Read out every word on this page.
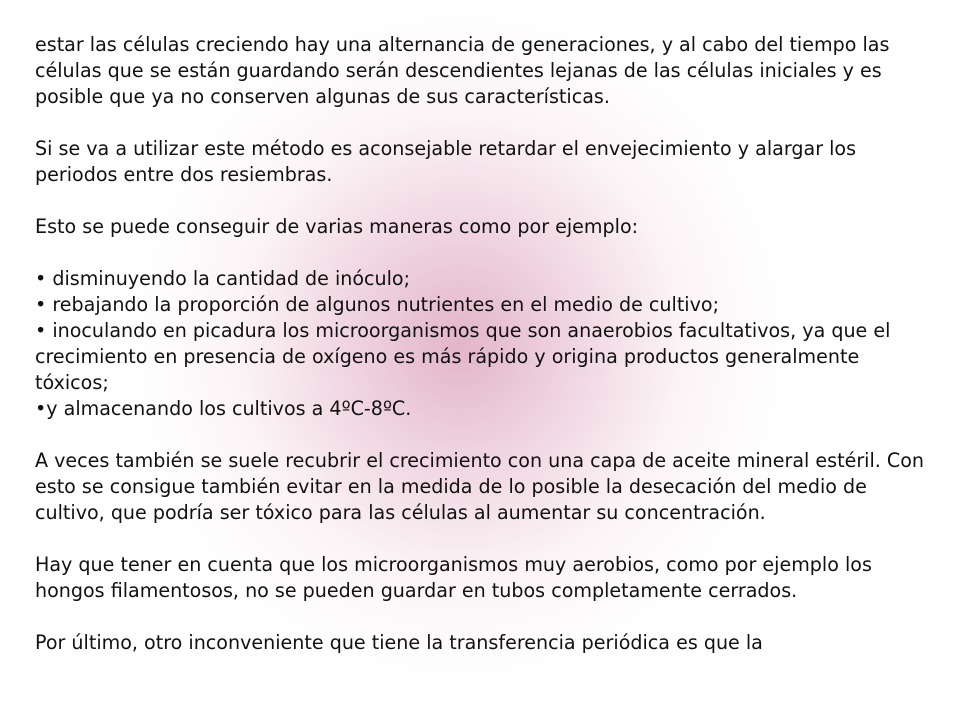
estar las células creciendo hay una alternancia de generaciones, y al cabo del tiempo las células que se están guardando serán descendientes lejanas de las células iniciales y es posible que ya no conserven algunas de sus características.

Si se va a utilizar este método es aconsejable retardar el envejecimiento y alargar los periodos entre dos resiembras.

Esto se puede conseguir de varias maneras como por ejemplo:

• disminuyendo la cantidad de inóculo;

• rebajando la proporción de algunos nutrientes en el medio de cultivo;

• inoculando en picadura los microorganismos que son anaerobios facultativos, ya que el crecimiento en presencia de oxígeno es más rápido y origina productos generalmente tóxicos;

•y almacenando los cultivos a 4ºC-8ºC.

A veces también se suele recubrir el crecimiento con una capa de aceite mineral estéril. Con esto se consigue también evitar en la medida de lo posible la desecación del medio de cultivo, que podría ser tóxico para las células al aumentar su concentración.

Hay que tener en cuenta que los microorganismos muy aerobios, como por ejemplo los hongos filamentosos, no se pueden guardar en tubos completamente cerrados.

Por último, otro inconveniente que tiene la transferencia periódica es que la
